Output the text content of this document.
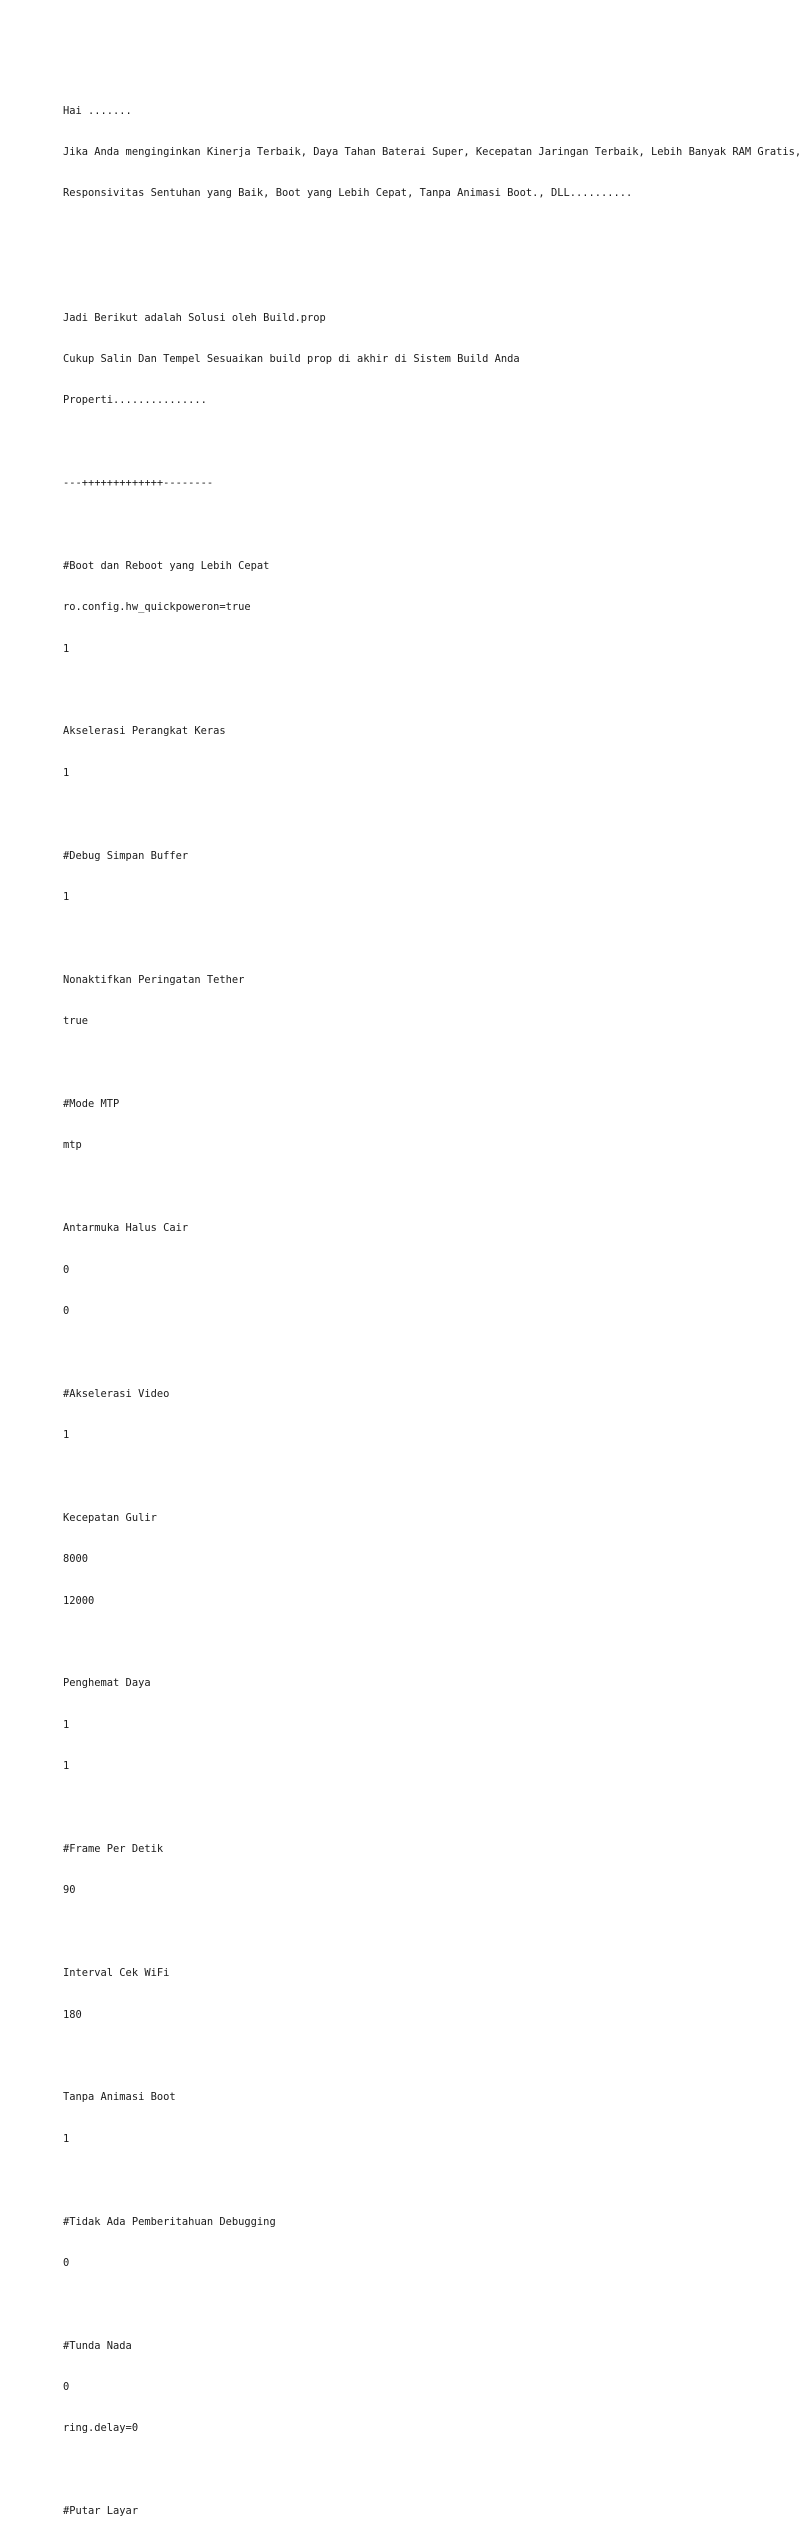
Hai .......

Jika Anda menginginkan Kinerja Terbaik, Daya Tahan Baterai Super, Kecepatan Jaringan Terbaik, Lebih Banyak RAM Gratis,

Responsivitas Sentuhan yang Baik, Boot yang Lebih Cepat, Tanpa Animasi Boot., DLL..........

Jadi Berikut adalah Solusi oleh Build.prop

Cukup Salin Dan Tempel Sesuaikan build prop di akhir di Sistem Build Anda

Properti...............

---+++++++++++++--------

#Boot dan Reboot yang Lebih Cepat

ro.config.hw_quickpoweron=true

1

Akselerasi Perangkat Keras

1

#Debug Simpan Buffer

1

Nonaktifkan Peringatan Tether

true

#Mode MTP

mtp

Antarmuka Halus Cair

0

0

#Akselerasi Video

1

Kecepatan Gulir

8000

12000

Penghemat Daya

1

1

#Frame Per Detik

90

Interval Cek WiFi

180

Tanpa Animasi Boot

1

#Tidak Ada Pemberitahuan Debugging

0

#Tunda Nada

0

ring.delay=0

#Putar Layar
